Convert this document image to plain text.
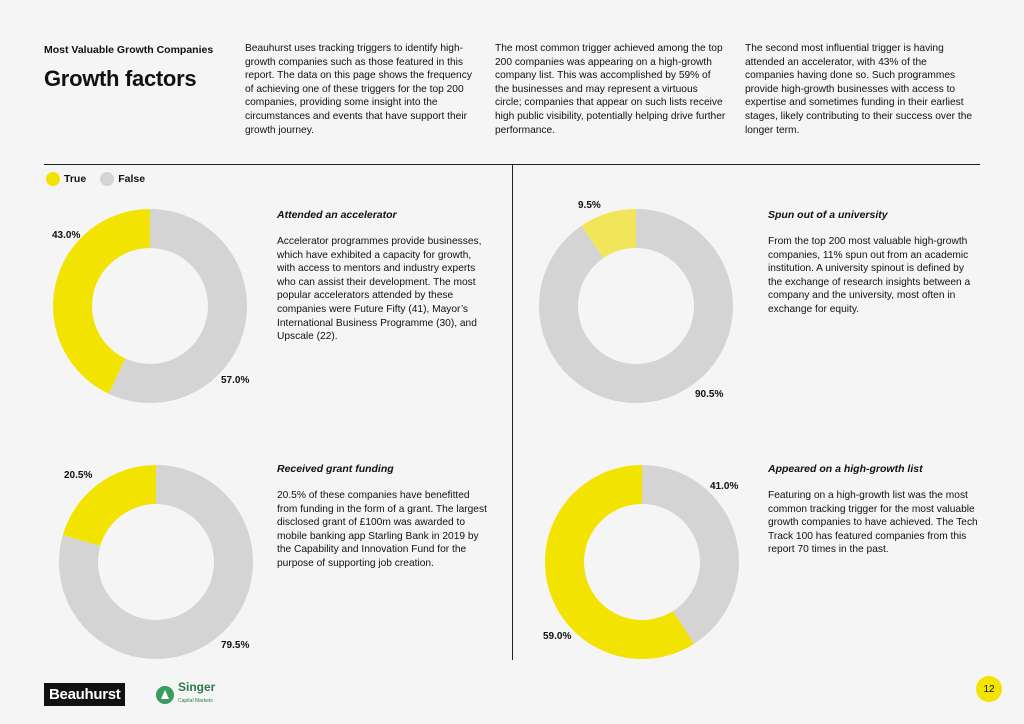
Most Valuable Growth Companies
Growth factors
Beauhurst uses tracking triggers to identify high-growth companies such as those featured in this report. The data on this page shows the frequency of achieving one of these triggers for the top 200 companies, providing some insight into the circumstances and events that have support their growth journey.
The most common trigger achieved among the top 200 companies was appearing on a high-growth company list. This was accomplished by 59% of the businesses and may represent a virtuous circle; companies that appear on such lists receive high public visibility, potentially helping drive further performance.
The second most influential trigger is having attended an accelerator, with 43% of the companies having done so. Such programmes provide high-growth businesses with access to expertise and sometimes funding in their earliest stages, likely contributing to their success over the longer term.
True	False
43.0%
57.0%
9.5%
90.5%
20.5%
79.5%
59.0%
41.0%
Attended an accelerator

Accelerator programmes provide businesses, which have exhibited a capacity for growth, with access to mentors and industry experts who can assist their development. The most popular accelerators attended by these companies were Future Fifty (41), Mayor’s International Business Programme (30), and Upscale (22).

Spun out of a university

From the top 200 most valuable high-growth companies, 11% spun out from an academic institution. A university spinout is defined by the exchange of research insights between a company and the university, most often in exchange for equity.

Received grant funding

20.5% of these companies have benefitted from funding in the form of a grant. The largest disclosed grant of £100m was awarded to mobile banking app Starling Bank in 2019 by the Capability and Innovation Fund for the purpose of supporting job creation.

Appeared on a high-growth list

Featuring on a high-growth list was the most common tracking trigger for the most valuable growth companies to have achieved. The Tech Track 100 has featured companies from this report 70 times in the past.

Beauhurst	Singer
Capital Markets
12
